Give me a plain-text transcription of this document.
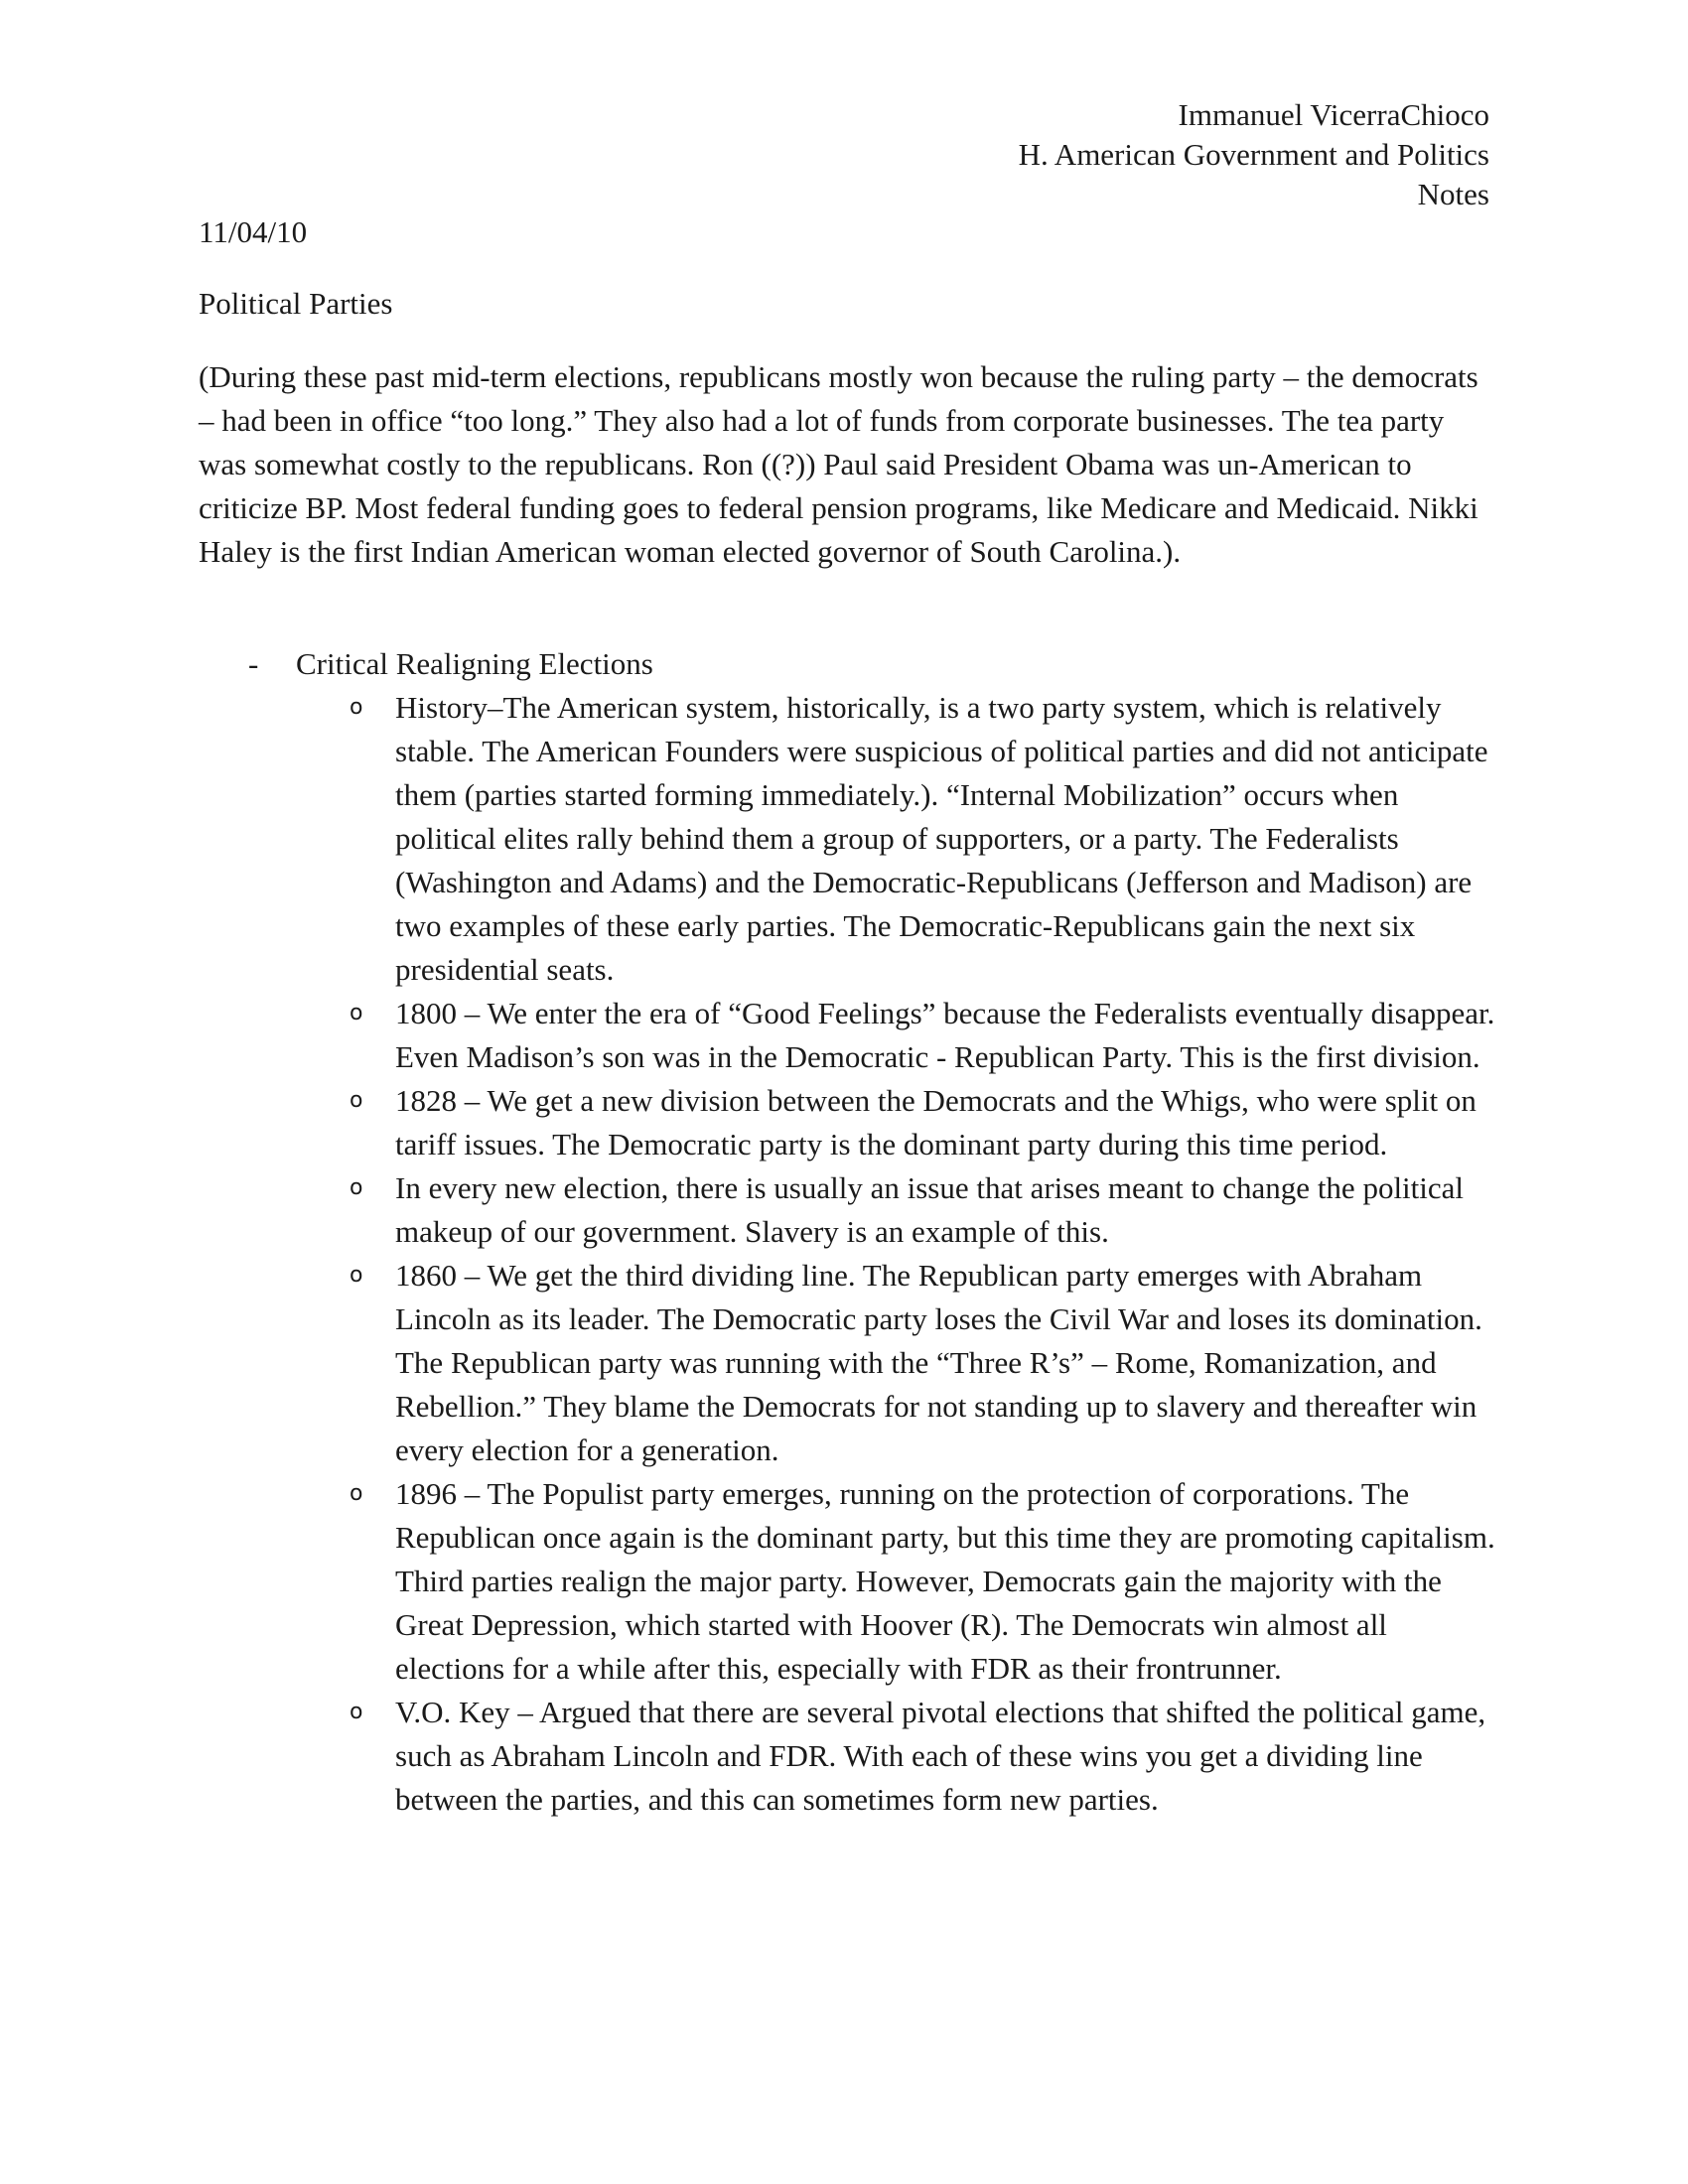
Immanuel VicerraChioco
H. American Government and Politics
Notes
11/04/10
Political Parties

(During these past mid-term elections, republicans mostly won because the ruling party – the democrats – had been in office “too long.” They also had a lot of funds from corporate businesses. The tea party was somewhat costly to the republicans. Ron ((?)) Paul said President Obama was un-American to criticize BP. Most federal funding goes to federal pension programs, like Medicare and Medicaid. Nikki Haley is the first Indian American woman elected governor of South Carolina.).

- Critical Realigning Elections
o History–The American system, historically, is a two party system, which is relatively stable. The American Founders were suspicious of political parties and did not anticipate them (parties started forming immediately.). “Internal Mobilization” occurs when political elites rally behind them a group of supporters, or a party. The Federalists (Washington and Adams) and the Democratic-Republicans (Jefferson and Madison) are two examples of these early parties. The Democratic-Republicans gain the next six presidential seats.
o 1800 – We enter the era of “Good Feelings” because the Federalists eventually disappear. Even Madison’s son was in the Democratic - Republican Party. This is the first division.
o 1828 – We get a new division between the Democrats and the Whigs, who were split on tariff issues. The Democratic party is the dominant party during this time period.
o In every new election, there is usually an issue that arises meant to change the political makeup of our government. Slavery is an example of this.
o 1860 – We get the third dividing line. The Republican party emerges with Abraham Lincoln as its leader. The Democratic party loses the Civil War and loses its domination. The Republican party was running with the “Three R’s” – Rome, Romanization, and Rebellion.” They blame the Democrats for not standing up to slavery and thereafter win every election for a generation.
o 1896 – The Populist party emerges, running on the protection of corporations. The Republican once again is the dominant party, but this time they are promoting capitalism. Third parties realign the major party. However, Democrats gain the majority with the Great Depression, which started with Hoover (R). The Democrats win almost all elections for a while after this, especially with FDR as their frontrunner.
o V.O. Key – Argued that there are several pivotal elections that shifted the political game, such as Abraham Lincoln and FDR. With each of these wins you get a dividing line between the parties, and this can sometimes form new parties.
